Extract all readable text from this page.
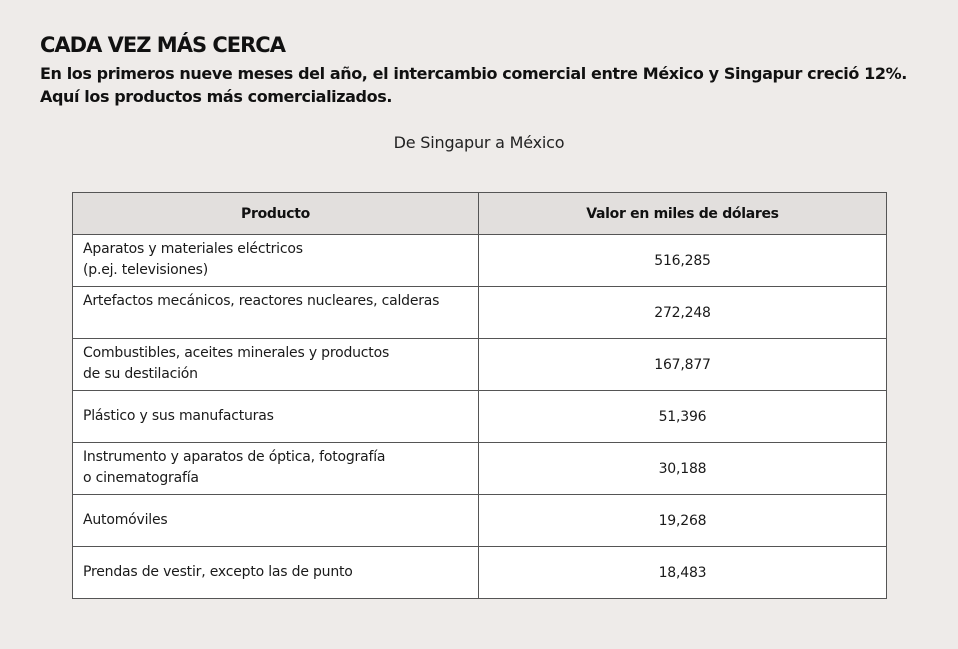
CADA VEZ MÁS CERCA

En los primeros nueve meses del año, el intercambio comercial entre México y Singapur creció 12%.
Aquí los productos más comercializados.

De Singapur a México
Producto	Valor en miles de dólares

Aparatos y materiales eléctricos
(p.ej. televisiones)	516,285

Artefactos mecánicos, reactores nucleares, calderas	272,248

Combustibles, aceites minerales y productos
de su destilación	167,877

Plástico y sus manufacturas	51,396

Instrumento y aparatos de óptica, fotografía
o cinematografía	30,188

Automóviles	19,268

Prendas de vestir, excepto las de punto	18,483
